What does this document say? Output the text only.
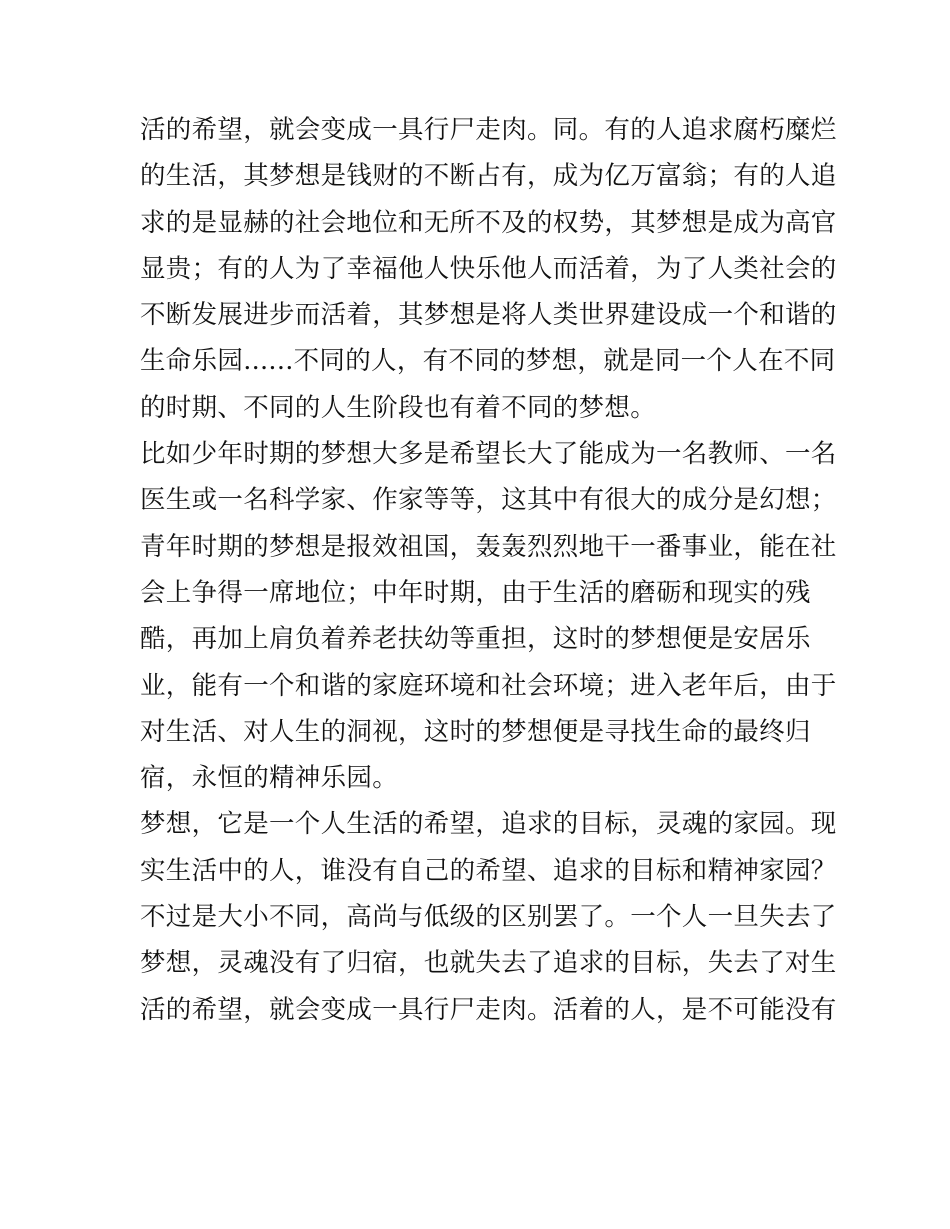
活的希望，就会变成一具行尸走肉。同。有的人追求腐朽糜烂
的生活，其梦想是钱财的不断占有，成为亿万富翁；有的人追
求的是显赫的社会地位和无所不及的权势，其梦想是成为高官
显贵；有的人为了幸福他人快乐他人而活着，为了人类社会的
不断发展进步而活着，其梦想是将人类世界建设成一个和谐的
生命乐园......不同的人，有不同的梦想，就是同一个人在不同
的时期、不同的人生阶段也有着不同的梦想。
比如少年时期的梦想大多是希望长大了能成为一名教师、一名
医生或一名科学家、作家等等，这其中有很大的成分是幻想；
青年时期的梦想是报效祖国，轰轰烈烈地干一番事业，能在社
会上争得一席地位；中年时期，由于生活的磨砺和现实的残
酷，再加上肩负着养老扶幼等重担，这时的梦想便是安居乐
业，能有一个和谐的家庭环境和社会环境；进入老年后，由于
对生活、对人生的洞视，这时的梦想便是寻找生命的最终归
宿，永恒的精神乐园。
梦想，它是一个人生活的希望，追求的目标，灵魂的家园。现
实生活中的人，谁没有自己的希望、追求的目标和精神家园？
不过是大小不同，高尚与低级的区别罢了。一个人一旦失去了
梦想，灵魂没有了归宿，也就失去了追求的目标，失去了对生
活的希望，就会变成一具行尸走肉。活着的人，是不可能没有
